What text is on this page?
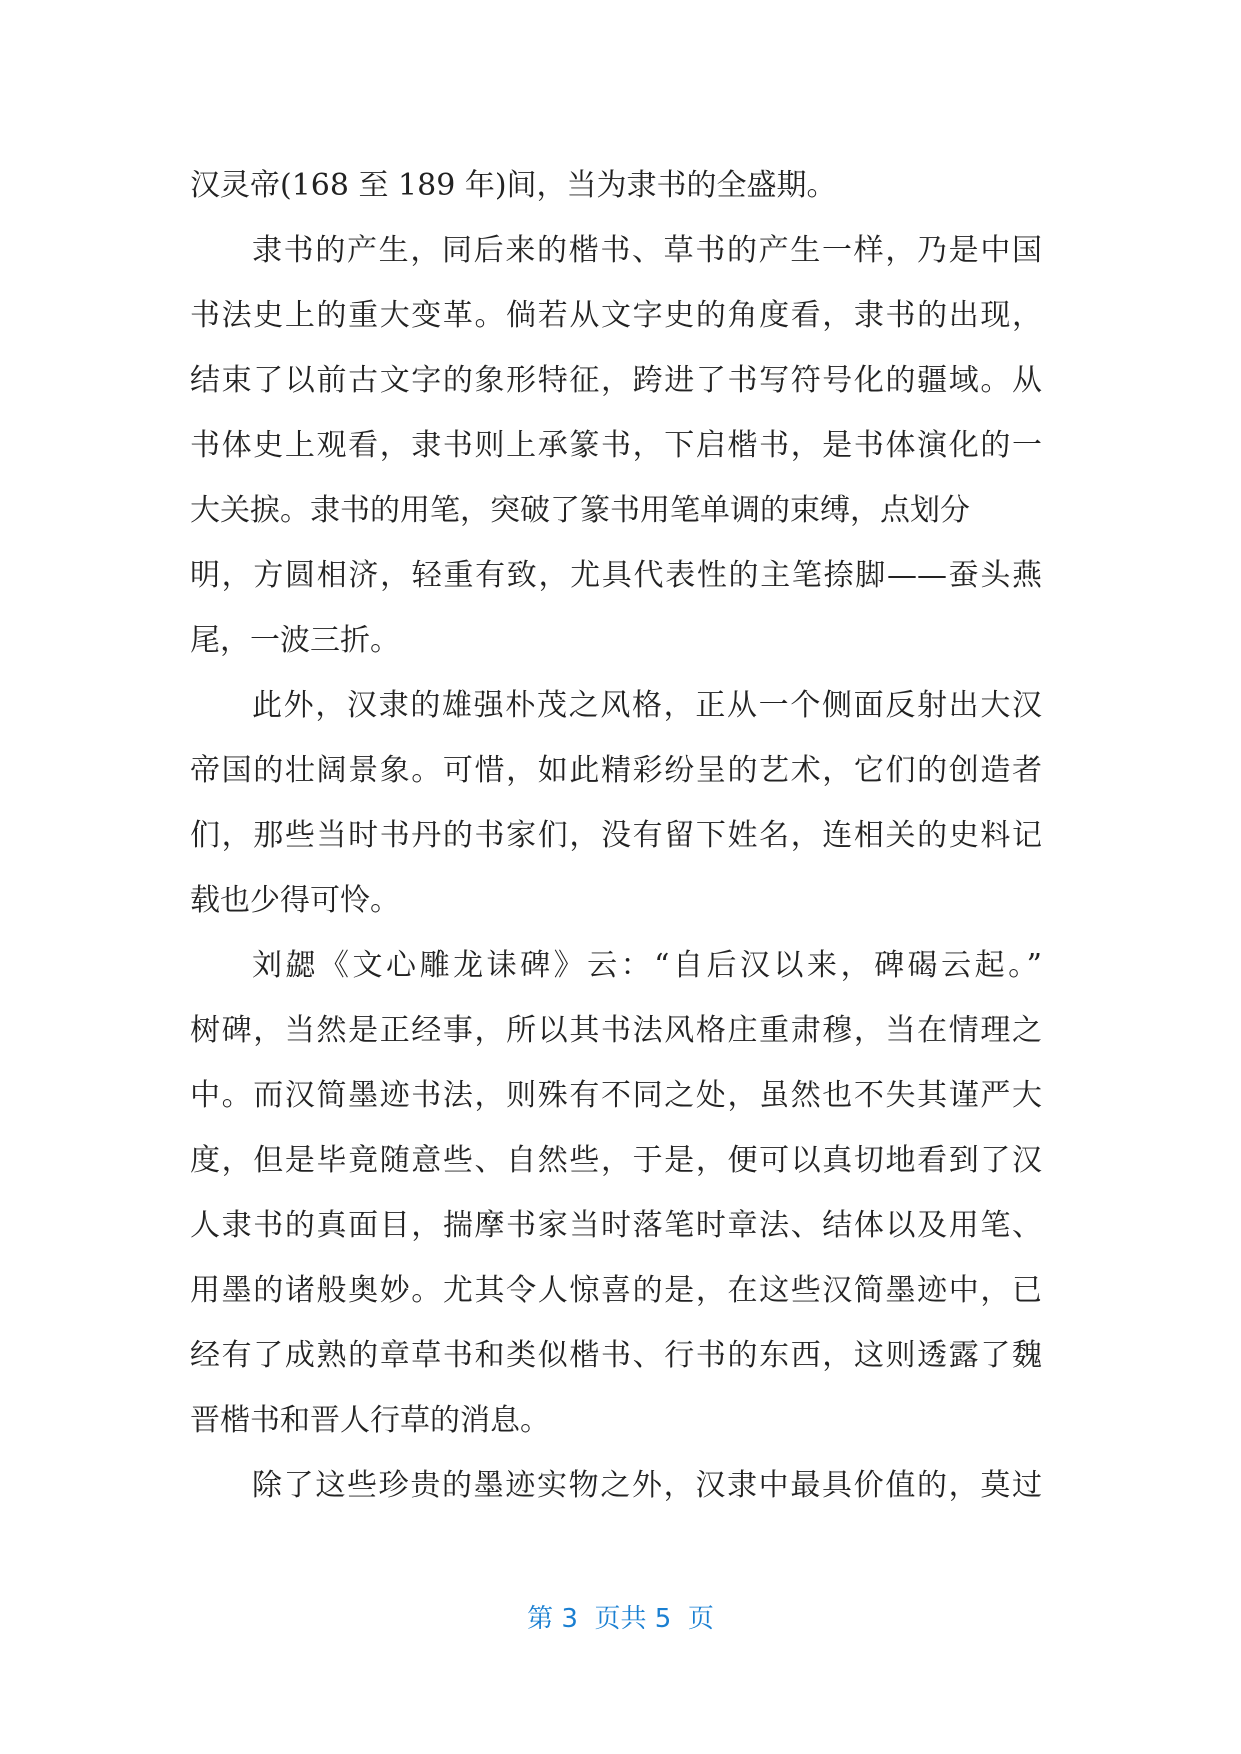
汉灵帝(168 至 189 年)间，当为隶书的全盛期。
隶书的产生，同后来的楷书、草书的产生一样，乃是中国
书法史上的重大变革。倘若从文字史的角度看，隶书的出现，
结束了以前古文字的象形特征，跨进了书写符号化的疆域。从
书体史上观看，隶书则上承篆书，下启楷书，是书体演化的一
大关捩。隶书的用笔，突破了篆书用笔单调的束缚，点划分
明，方圆相济，轻重有致，尤具代表性的主笔捺脚——蚕头燕
尾，一波三折。
此外，汉隶的雄强朴茂之风格，正从一个侧面反射出大汉
帝国的壮阔景象。可惜，如此精彩纷呈的艺术，它们的创造者
们，那些当时书丹的书家们，没有留下姓名，连相关的史料记
载也少得可怜。
刘勰《文心雕龙诔碑》云：“自后汉以来，碑碣云起。”
树碑，当然是正经事，所以其书法风格庄重肃穆，当在情理之
中。而汉简墨迹书法，则殊有不同之处，虽然也不失其谨严大
度，但是毕竟随意些、自然些，于是，便可以真切地看到了汉
人隶书的真面目，揣摩书家当时落笔时章法、结体以及用笔、
用墨的诸般奥妙。尤其令人惊喜的是，在这些汉简墨迹中，已
经有了成熟的章草书和类似楷书、行书的东西，这则透露了魏
晋楷书和晋人行草的消息。
除了这些珍贵的墨迹实物之外，汉隶中最具价值的，莫过
第 3  页共 5  页
